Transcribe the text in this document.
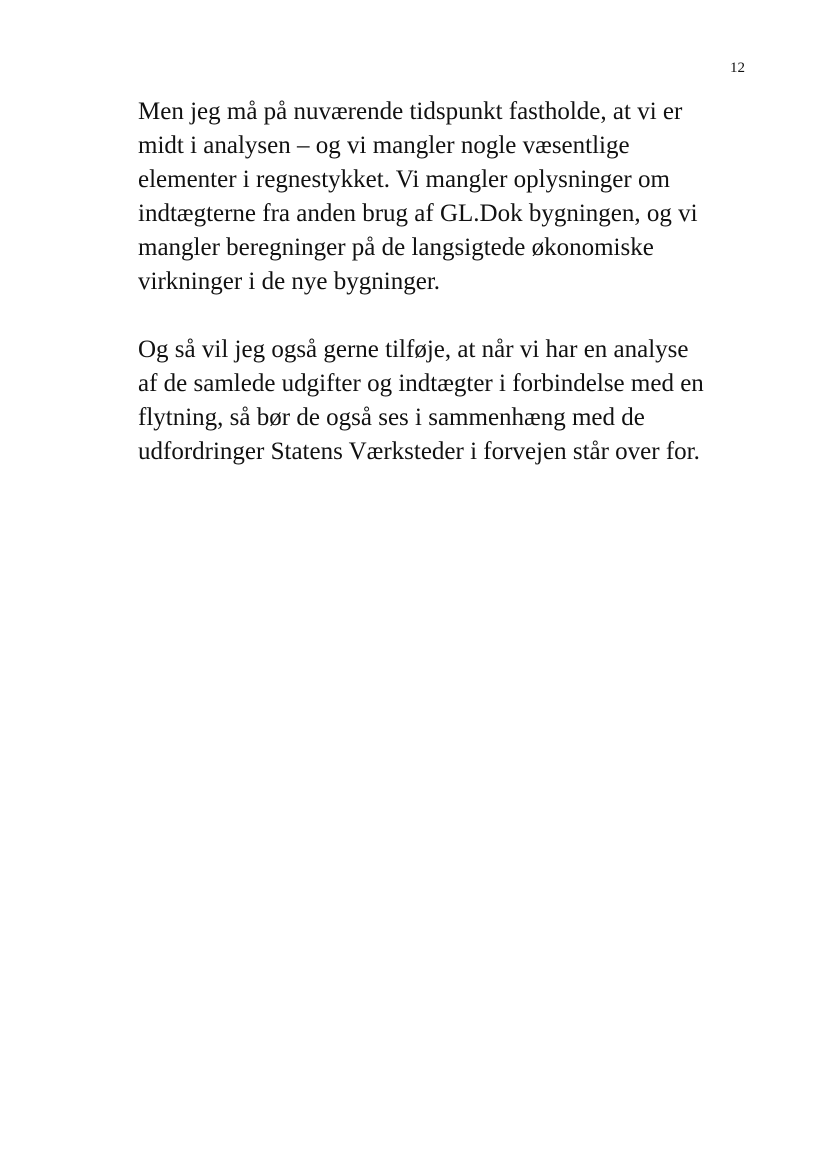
12

Men jeg må på nuværende tidspunkt fastholde, at vi er
midt i analysen – og vi mangler nogle væsentlige
elementer i regnestykket. Vi mangler oplysninger om
indtægterne fra anden brug af GL.Dok bygningen, og vi
mangler beregninger på de langsigtede økonomiske
virkninger i de nye bygninger.

Og så vil jeg også gerne tilføje, at når vi har en analyse
af de samlede udgifter og indtægter i forbindelse med en
flytning, så bør de også ses i sammenhæng med de
udfordringer Statens Værksteder i forvejen står over for.
